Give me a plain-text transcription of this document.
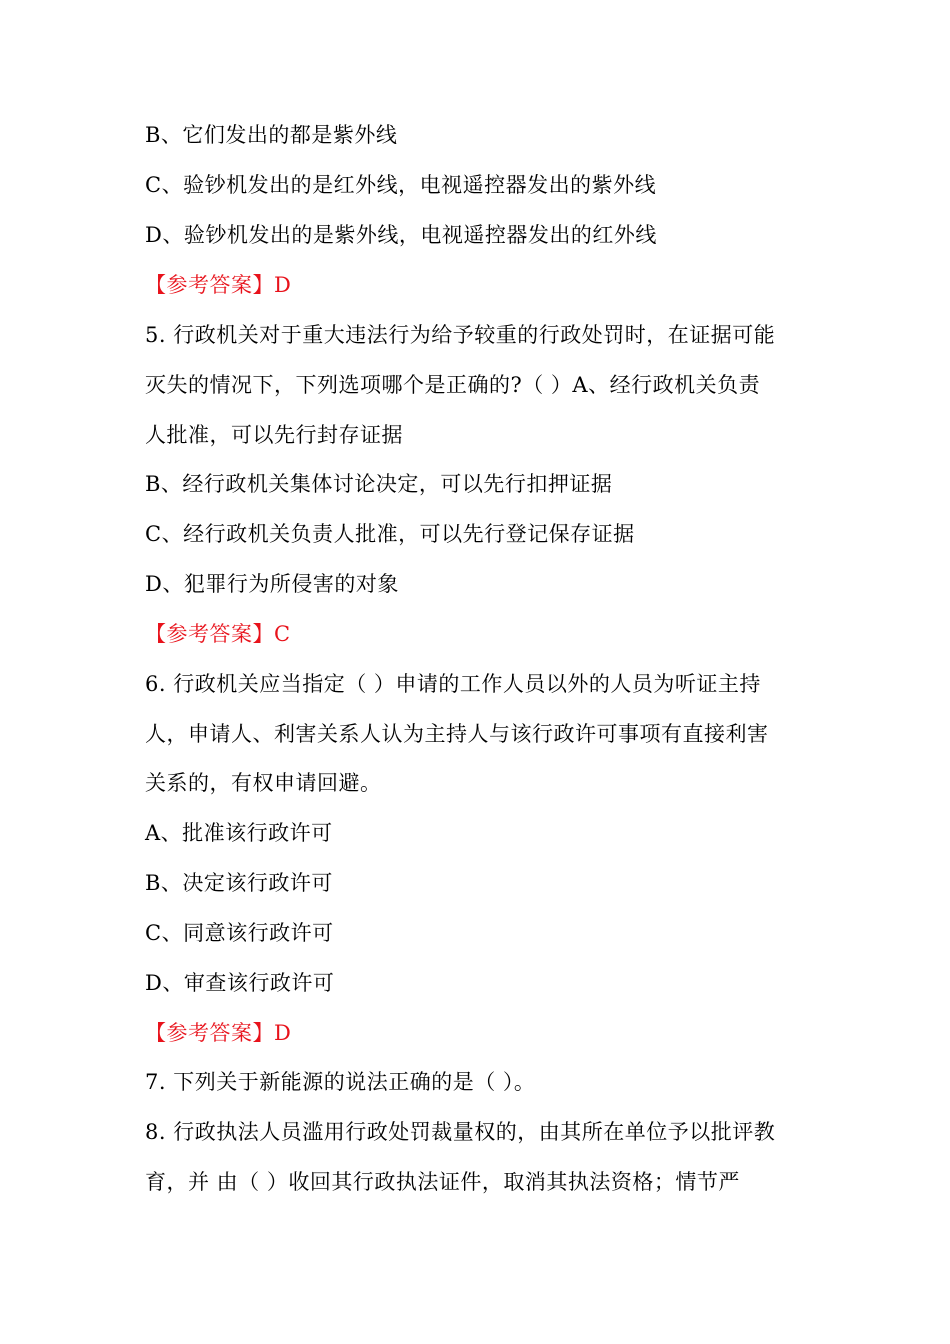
B、它们发出的都是紫外线
C、验钞机发出的是红外线，电视遥控器发出的紫外线
D、验钞机发出的是紫外线，电视遥控器发出的红外线
【参考答案】D
5. 行政机关对于重大违法行为给予较重的行政处罚时，在证据可能
灭失的情况下，下列选项哪个是正确的?（ ）A、经行政机关负责
人批准，可以先行封存证据
B、经行政机关集体讨论决定，可以先行扣押证据
C、经行政机关负责人批准，可以先行登记保存证据
D、犯罪行为所侵害的对象
【参考答案】C
6. 行政机关应当指定（ ）申请的工作人员以外的人员为听证主持
人，申请人、利害关系人认为主持人与该行政许可事项有直接利害
关系的，有权申请回避。
A、批准该行政许可
B、决定该行政许可
C、同意该行政许可
D、审查该行政许可
【参考答案】D
7. 下列关于新能源的说法正确的是（ ）。
8. 行政执法人员滥用行政处罚裁量权的，由其所在单位予以批评教
育，并 由（ ）收回其行政执法证件，取消其执法资格；情节严
